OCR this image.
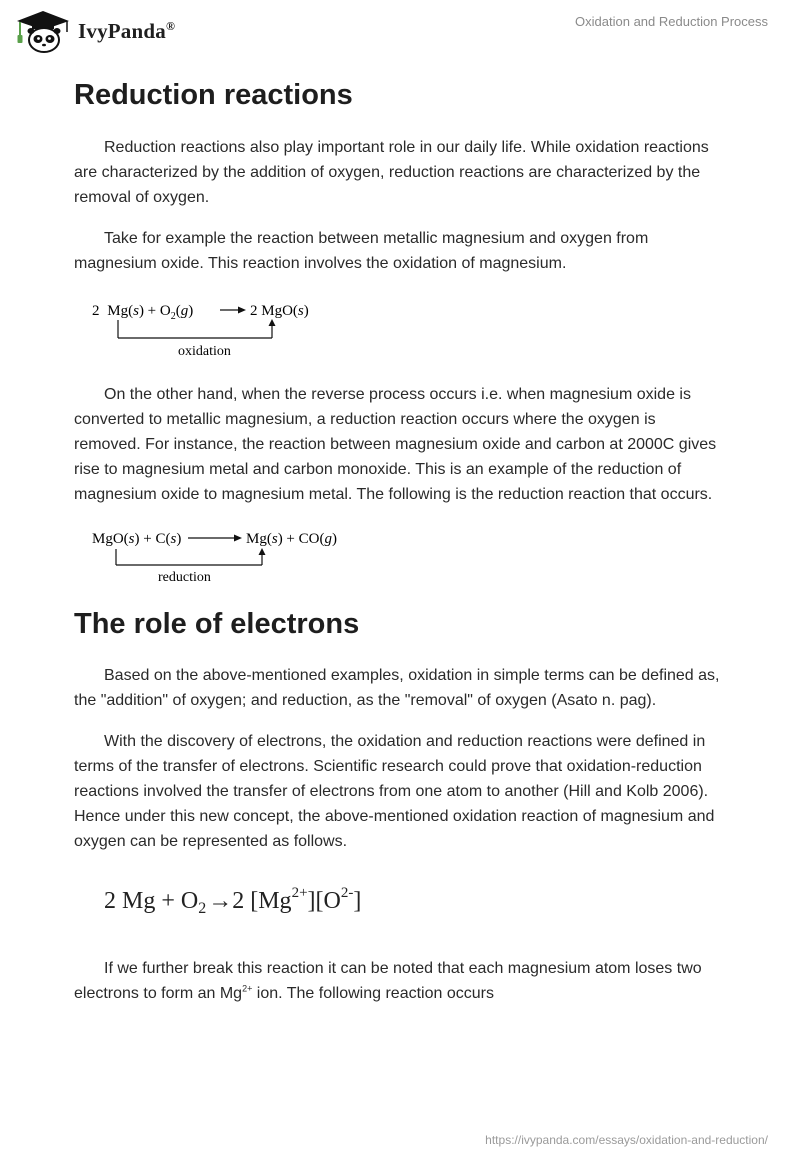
IvyPanda®	Oxidation and Reduction Process
Reduction reactions

Reduction reactions also play important role in our daily life. While oxidation reactions are characterized by the addition of oxygen, reduction reactions are characterized by the removal of oxygen.

Take for example the reaction between metallic magnesium and oxygen from magnesium oxide. This reaction involves the oxidation of magnesium.

2 $Mg(s) + O_2(g)$	2 MgO(s)
oxidation

On the other hand, when the reverse process occurs i.e. when magnesium oxide is converted to metallic magnesium, a reduction reaction occurs where the oxygen is removed. For instance, the reaction between magnesium oxide and carbon at 2000C gives rise to magnesium metal and carbon monoxide. This is an example of the reduction of magnesium oxide to magnesium metal. The following is the reduction reaction that occurs.

MgO(s) + C(s)	Mg(s) + CO(g)
reduction
The role of electrons

Based on the above-mentioned examples, oxidation in simple terms can be defined as, the "addition" of oxygen; and reduction, as the "removal" of oxygen (Asato n. pag).

With the discovery of electrons, the oxidation and reduction reactions were defined in terms of the transfer of electrons. Scientific research could prove that oxidation-reduction reactions involved the transfer of electrons from one atom to another (Hill and Kolb 2006). Hence under this new concept, the above-mentioned oxidation reaction of magnesium and oxygen can be represented as follows.

2 $Mg + O_2\to 2$ $[Mg^{2+}][O^{2-}]$

If we further break this reaction it can be noted that each magnesium atom loses two electrons to form an $Mg^{2+}$ ion. The following reaction occurs

https://ivypanda.com/essays/oxidation-and-reduction/
